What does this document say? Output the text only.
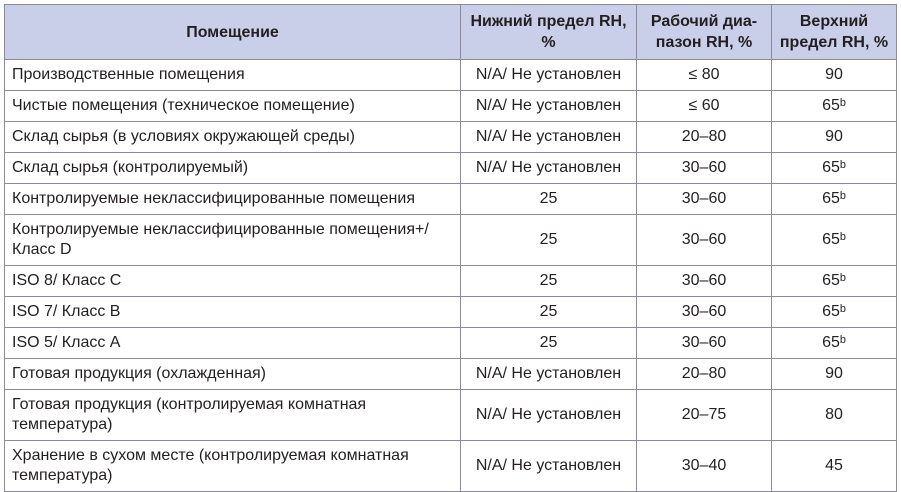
Помещение	Нижний предел RH, %	Рабочий диа-пазон RH, %	Верхний предел RH, %
Производственные помещения	N/A/ Не установлен	≤ 80	90
Чистые помещения (техническое помещение)	N/A/ Не установлен	≤ 60	65ᵇ
Склад сырья (в условиях окружающей среды)	N/A/ Не установлен	20–80	90
Склад сырья (контролируемый)	N/A/ Не установлен	30–60	65ᵇ
Контролируемые неклассифицированные помещения	25	30–60	65ᵇ
Контролируемые неклассифицированные помещения+/ Класс D	25	30–60	65ᵇ
ISO 8/ Класс C	25	30–60	65ᵇ
ISO 7/ Класс B	25	30–60	65ᵇ
ISO 5/ Класс A	25	30–60	65ᵇ
Готовая продукция (охлажденная)	N/A/ Не установлен	20–80	90
Готовая продукция (контролируемая комнатная температура)	N/A/ Не установлен	20–75	80
Хранение в сухом месте (контролируемая комнатная температура)	N/A/ Не установлен	30–40	45
